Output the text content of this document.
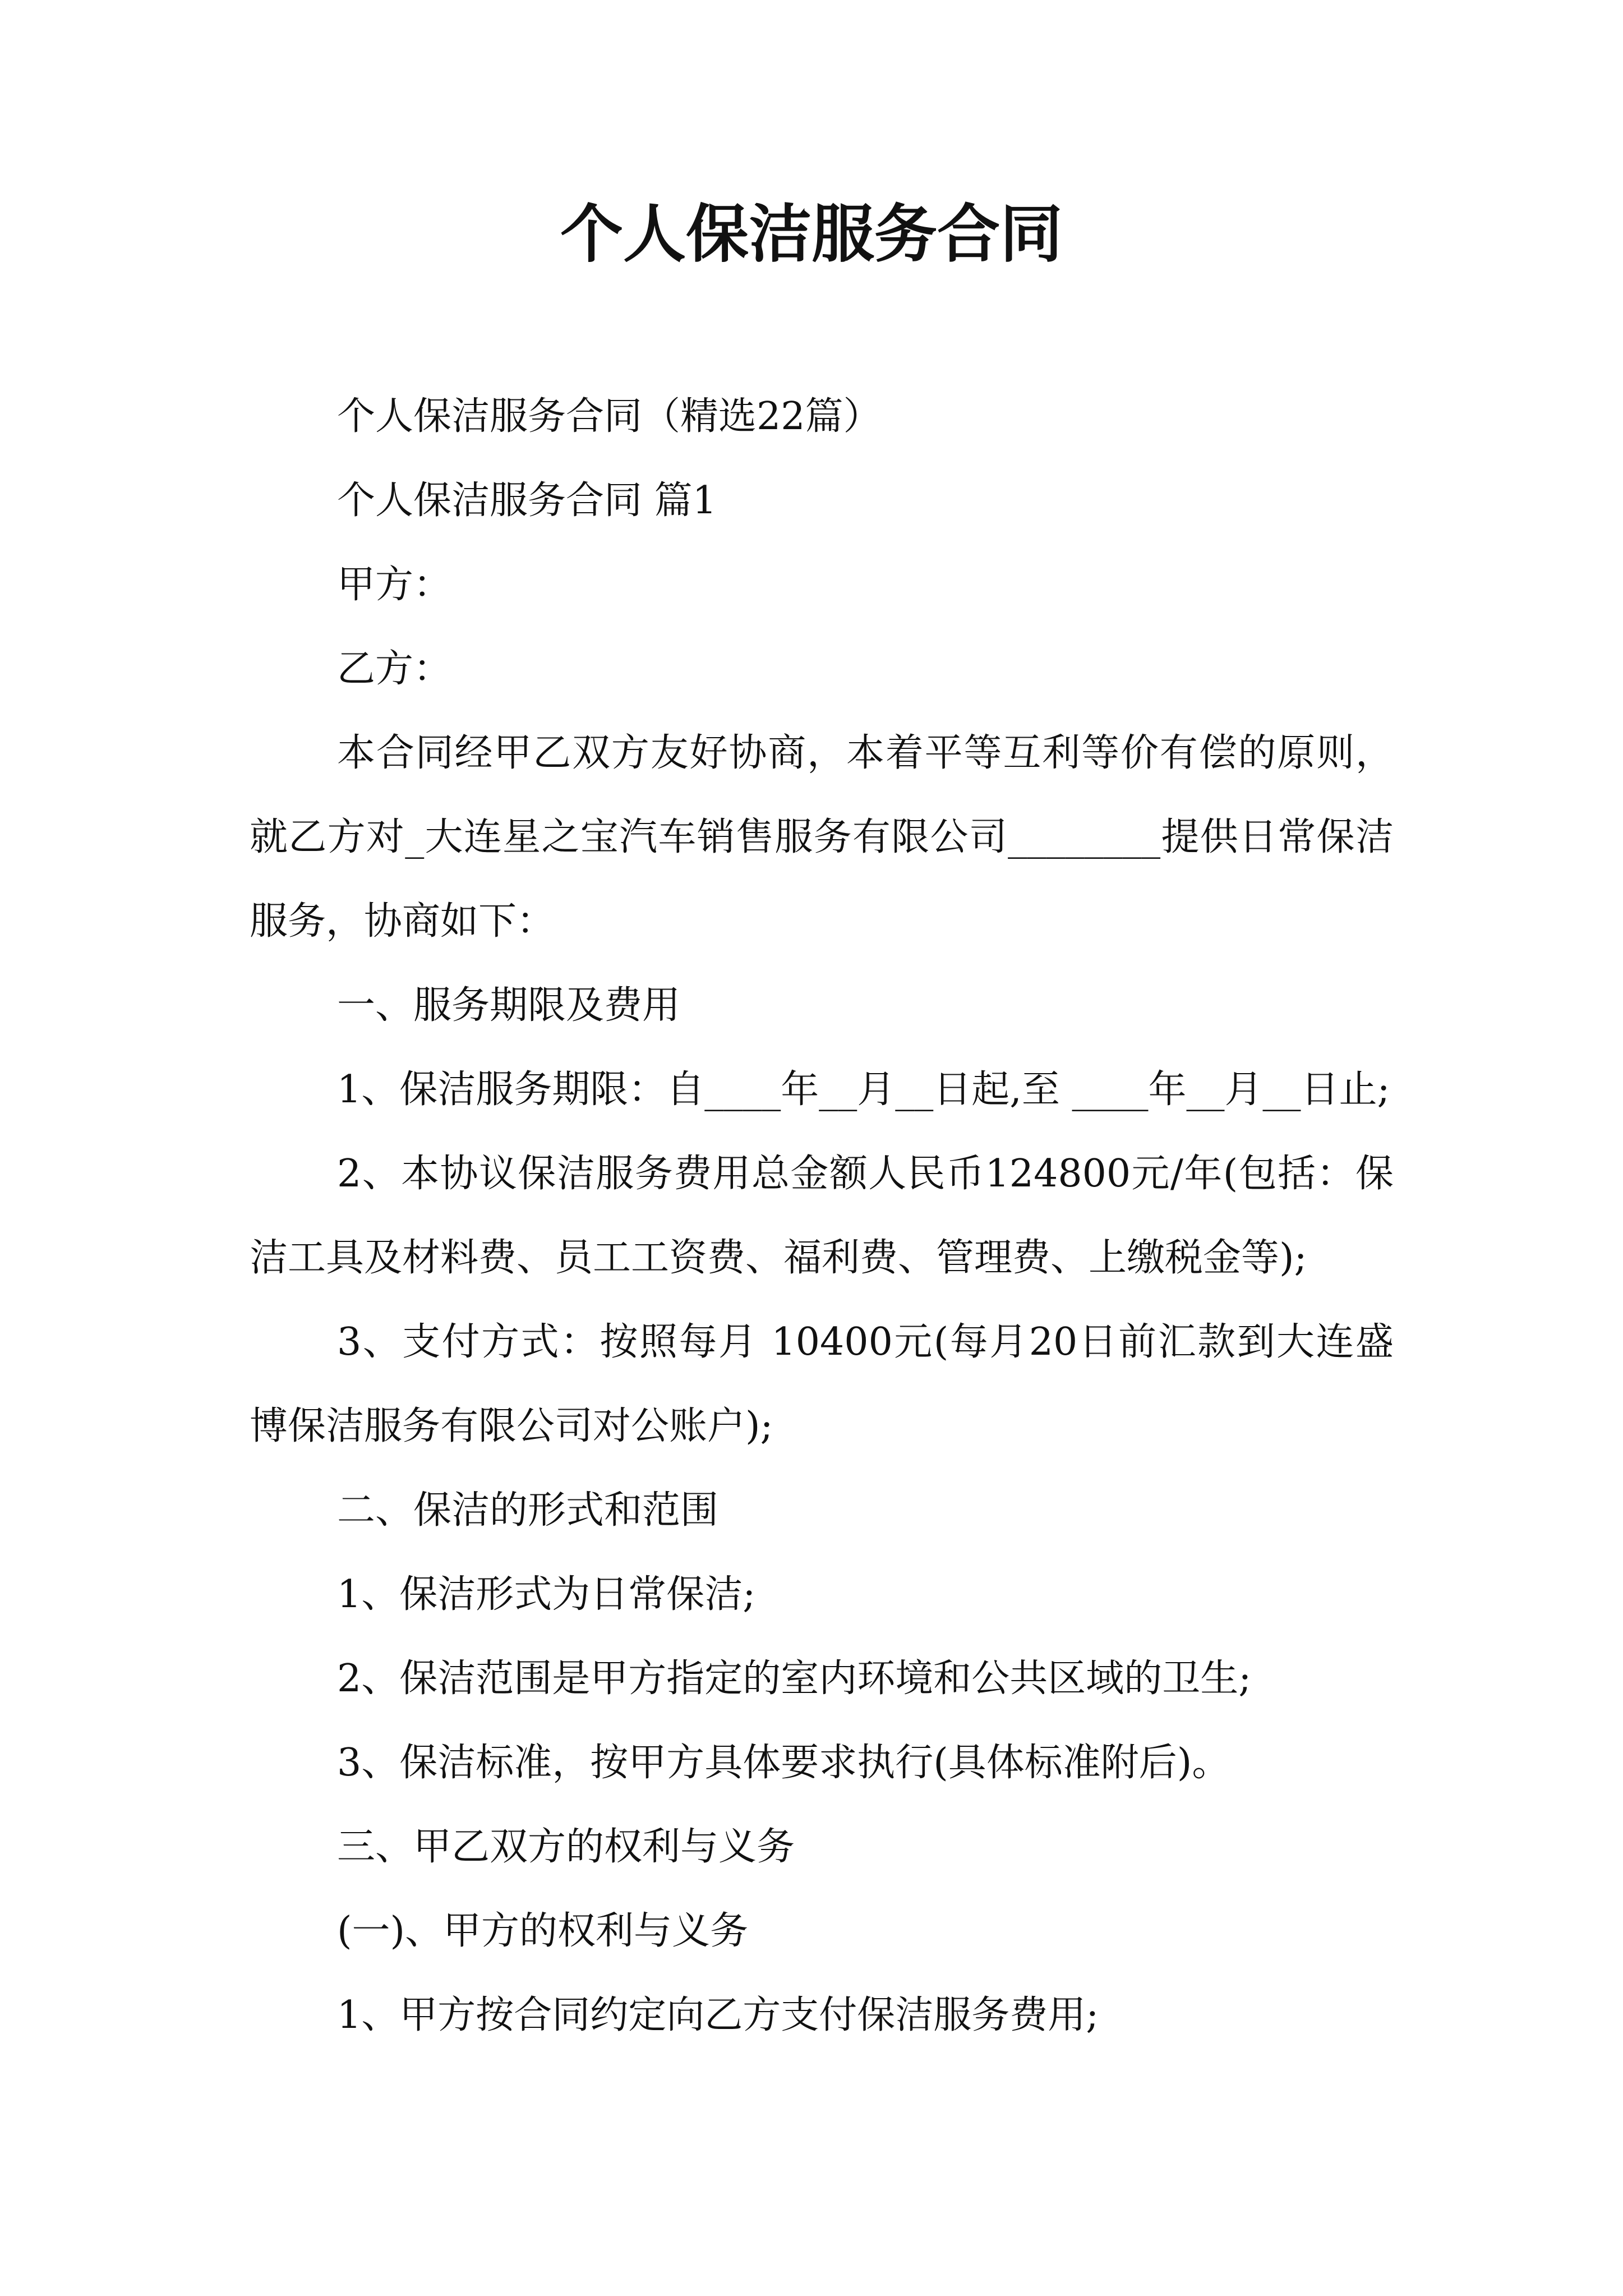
个人保洁服务合同

个人保洁服务合同（精选22篇）

个人保洁服务合同 篇1

甲方：

乙方：

本合同经甲乙双方友好协商，本着平等互利等价有偿的原则，就乙方对_大连星之宝汽车销售服务有限公司________提供日常保洁服务，协商如下：

一、服务期限及费用

1、保洁服务期限：自____年__月__日起,至 ____年__月__日止;

2、本协议保洁服务费用总金额人民币124800元/年(包括：保洁工具及材料费、员工工资费、福利费、管理费、上缴税金等);

3、支付方式：按照每月 10400元(每月20日前汇款到大连盛博保洁服务有限公司对公账户);

二、保洁的形式和范围

1、保洁形式为日常保洁;

2、保洁范围是甲方指定的室内环境和公共区域的卫生;

3、保洁标准，按甲方具体要求执行(具体标准附后)。

三、甲乙双方的权利与义务

(一)、甲方的权利与义务

1、甲方按合同约定向乙方支付保洁服务费用;
